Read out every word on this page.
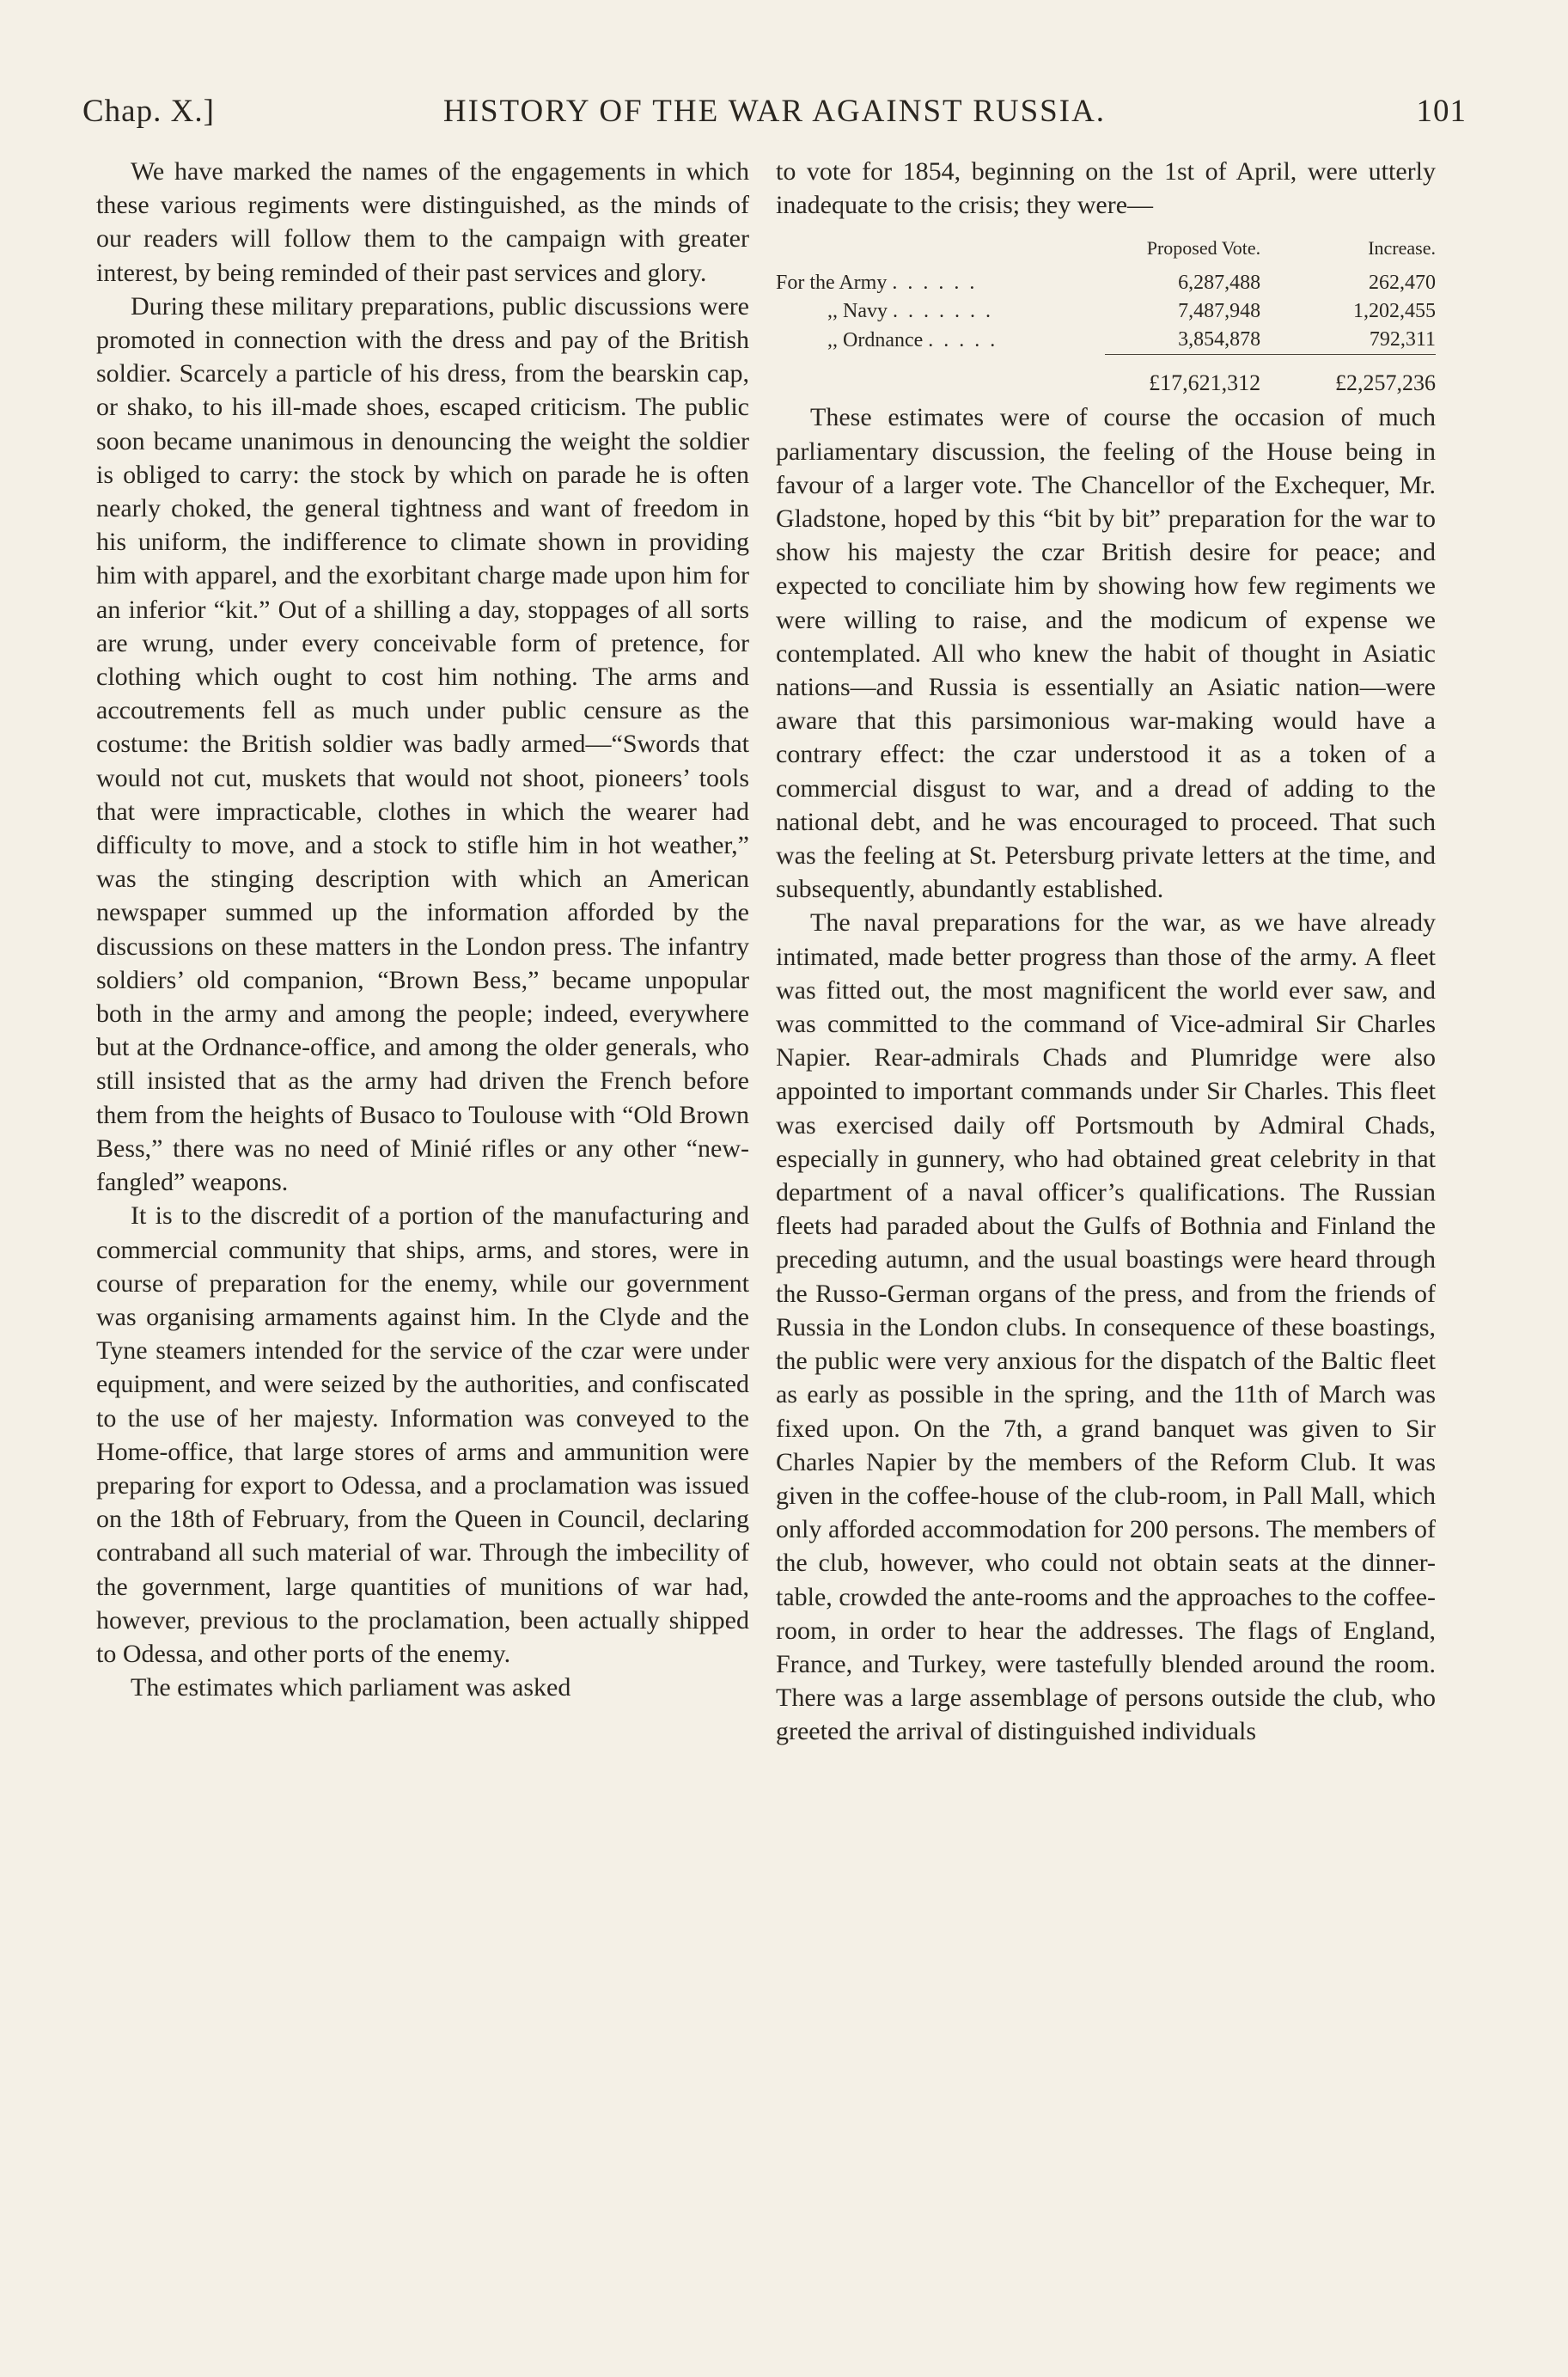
Chap. X.]	HISTORY OF THE WAR AGAINST RUSSIA.	101

We have marked the names of the engagements in which these various regiments were distinguished, as the minds of our readers will follow them to the campaign with greater interest, by being reminded of their past services and glory.

During these military preparations, public discussions were promoted in connection with the dress and pay of the British soldier. Scarcely a particle of his dress, from the bearskin cap, or shako, to his ill-made shoes, escaped criticism. The public soon became unanimous in denouncing the weight the soldier is obliged to carry: the stock by which on parade he is often nearly choked, the general tightness and want of freedom in his uniform, the indifference to climate shown in providing him with apparel, and the exorbitant charge made upon him for an inferior “kit.” Out of a shilling a day, stoppages of all sorts are wrung, under every conceivable form of pretence, for clothing which ought to cost him nothing. The arms and accoutrements fell as much under public censure as the costume: the British soldier was badly armed—“Swords that would not cut, muskets that would not shoot, pioneers’ tools that were impracticable, clothes in which the wearer had difficulty to move, and a stock to stifle him in hot weather,” was the stinging description with which an American newspaper summed up the information afforded by the discussions on these matters in the London press. The infantry soldiers’ old companion, “Brown Bess,” became unpopular both in the army and among the people; indeed, everywhere but at the Ordnance-office, and among the older generals, who still insisted that as the army had driven the French before them from the heights of Busaco to Toulouse with “Old Brown Bess,” there was no need of Minié rifles or any other “new-fangled” weapons.

It is to the discredit of a portion of the manufacturing and commercial community that ships, arms, and stores, were in course of preparation for the enemy, while our government was organising armaments against him. In the Clyde and the Tyne steamers intended for the service of the czar were under equipment, and were seized by the authorities, and confiscated to the use of her majesty. Information was conveyed to the Home-office, that large stores of arms and ammunition were preparing for export to Odessa, and a proclamation was issued on the 18th of February, from the Queen in Council, declaring contraband all such material of war. Through the imbecility of the government, large quantities of munitions of war had, however, previous to the proclamation, been actually shipped to Odessa, and other ports of the enemy.

The estimates which parliament was asked

to vote for 1854, beginning on the 1st of April, were utterly inadequate to the crisis; they were—

	Proposed Vote.	Increase.
For the Army . . . . . .	6,287,488	262,470
,, Navy . . . . . . .	7,487,948	1,202,455
,, Ordnance . . . . .	3,854,878	792,311

	£17,621,312	£2,257,236

These estimates were of course the occasion of much parliamentary discussion, the feeling of the House being in favour of a larger vote. The Chancellor of the Exchequer, Mr. Gladstone, hoped by this “bit by bit” preparation for the war to show his majesty the czar British desire for peace; and expected to conciliate him by showing how few regiments we were willing to raise, and the modicum of expense we contemplated. All who knew the habit of thought in Asiatic nations—and Russia is essentially an Asiatic nation—were aware that this parsimonious war-making would have a contrary effect: the czar understood it as a token of a commercial disgust to war, and a dread of adding to the national debt, and he was encouraged to proceed. That such was the feeling at St. Petersburg private letters at the time, and subsequently, abundantly established.

The naval preparations for the war, as we have already intimated, made better progress than those of the army. A fleet was fitted out, the most magnificent the world ever saw, and was committed to the command of Vice-admiral Sir Charles Napier. Rear-admirals Chads and Plumridge were also appointed to important commands under Sir Charles. This fleet was exercised daily off Portsmouth by Admiral Chads, especially in gunnery, who had obtained great celebrity in that department of a naval officer’s qualifications. The Russian fleets had paraded about the Gulfs of Bothnia and Finland the preceding autumn, and the usual boastings were heard through the Russo-German organs of the press, and from the friends of Russia in the London clubs. In consequence of these boastings, the public were very anxious for the dispatch of the Baltic fleet as early as possible in the spring, and the 11th of March was fixed upon. On the 7th, a grand banquet was given to Sir Charles Napier by the members of the Reform Club. It was given in the coffee-house of the club-room, in Pall Mall, which only afforded accommodation for 200 persons. The members of the club, however, who could not obtain seats at the dinner-table, crowded the ante-rooms and the approaches to the coffee-room, in order to hear the addresses. The flags of England, France, and Turkey, were tastefully blended around the room. There was a large assemblage of persons outside the club, who greeted the arrival of distinguished individuals
